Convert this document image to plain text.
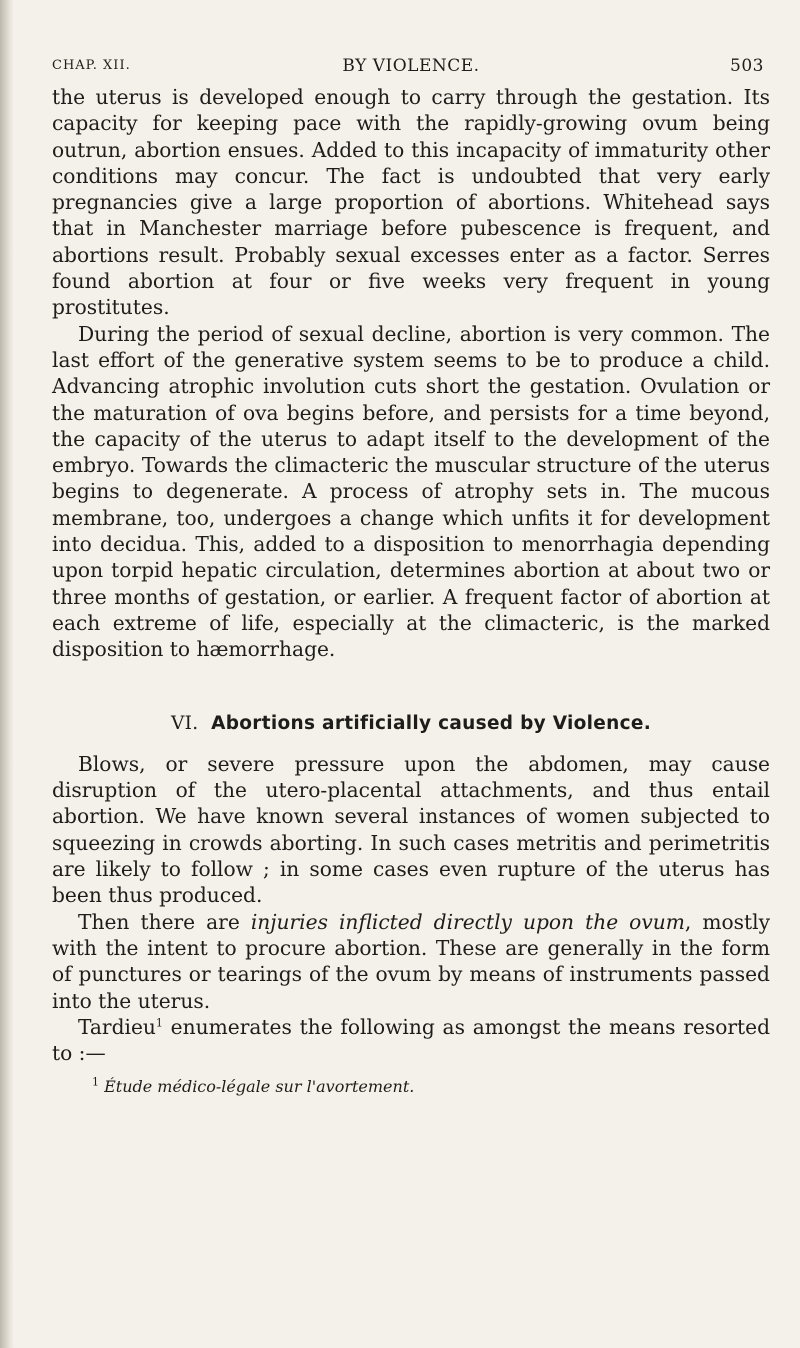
CHAP. XII.	BY VIOLENCE.	503

the uterus is developed enough to carry through the gestation. Its capacity for keeping pace with the rapidly-growing ovum being outrun, abortion ensues. Added to this incapacity of immaturity other conditions may concur. The fact is undoubted that very early pregnancies give a large proportion of abortions. Whitehead says that in Manchester marriage before pubescence is frequent, and abortions result. Probably sexual excesses enter as a factor. Serres found abortion at four or five weeks very frequent in young prostitutes.

During the period of sexual decline, abortion is very common. The last effort of the generative system seems to be to produce a child. Advancing atrophic involution cuts short the gestation. Ovulation or the maturation of ova begins before, and persists for a time beyond, the capacity of the uterus to adapt itself to the development of the embryo. Towards the climacteric the muscular structure of the uterus begins to degenerate. A process of atrophy sets in. The mucous membrane, too, undergoes a change which unfits it for development into decidua. This, added to a disposition to menorrhagia depending upon torpid hepatic circulation, determines abortion at about two or three months of gestation, or earlier. A frequent factor of abortion at each extreme of life, especially at the climacteric, is the marked disposition to hæmorrhage.

VI. Abortions artificially caused by Violence.

Blows, or severe pressure upon the abdomen, may cause disruption of the utero-placental attachments, and thus entail abortion. We have known several instances of women subjected to squeezing in crowds aborting. In such cases metritis and perimetritis are likely to follow ; in some cases even rupture of the uterus has been thus produced.

Then there are injuries inflicted directly upon the ovum, mostly with the intent to procure abortion. These are generally in the form of punctures or tearings of the ovum by means of instruments passed into the uterus.

Tardieu$^1$ enumerates the following as amongst the means resorted to :—

$^1$ Étude médico-légale sur l'avortement.
